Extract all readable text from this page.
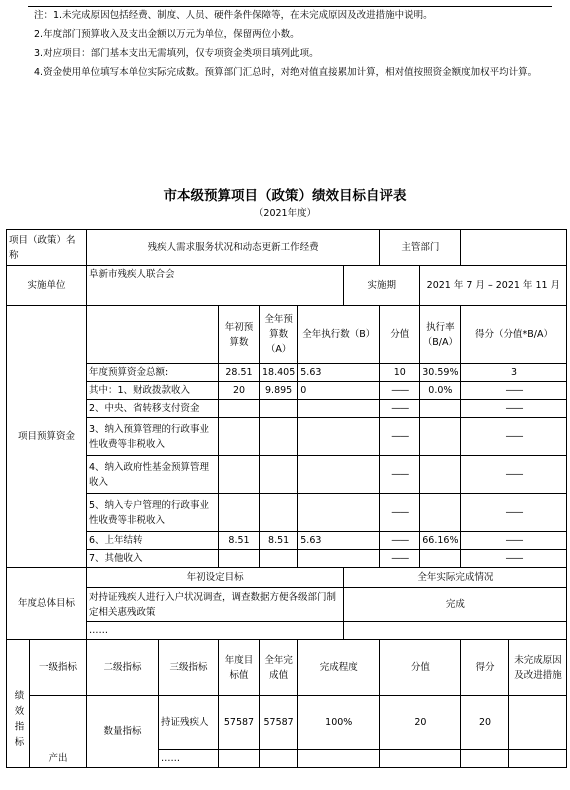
注：1.未完成原因包括经费、制度、人员、硬件条件保障等，在未完成原因及改进措施中说明。

2.年度部门预算收入及支出金额以万元为单位，保留两位小数。

3.对应项目：部门基本支出无需填列，仅专项资金类项目填列此项。

4.资金使用单位填写本单位实际完成数。预算部门汇总时，对绝对值直接累加计算，相对值按照资金额度加权平均计算。

市本级预算项目（政策）绩效目标自评表
（2021年度）
项目（政策）名称		残疾人需求服务状况和动态更新工作经费						主管部门			
实施单位		阜新市残疾人联合会					实施期		2021 年 7 月 – 2021 年 11 月		
项目预算资金				年初预算数	全年预算数（A）	全年执行数（B）		分值	执行率（B/A）	得分（分值*B/A）	
		年度预算资金总额:		28.51	18.405	5.63		10	30.59%	3	
		其中：1、财政拨款收入		20	9.895	0		——	0.0%	——	
		2、中央、省转移支付资金						——		——	
		3、纳入预算管理的行政事业性收费等非税收入						——		——	
		4、纳入政府性基金预算管理收入						——		——	
		5、纳入专户管理的行政事业性收费等非税收入						——		——	
		6、上年结转		8.51	8.51	5.63		——	66.16%	——	
		7、其他收入						——		——	
年度总体目标		年初设定目标					全年实际完成情况				
		对持证残疾人进行入户状况调查，调查数据方便各级部门制定相关惠残政策					完成				
		……									
绩效指标	一级指标	二级指标	三级指标	年度目标值	全年完成值	完成程度		分值		得分	未完成原因及改进措施
	产出	数量指标	持证残疾人	57587	57587	100%		20		20	
			……								
